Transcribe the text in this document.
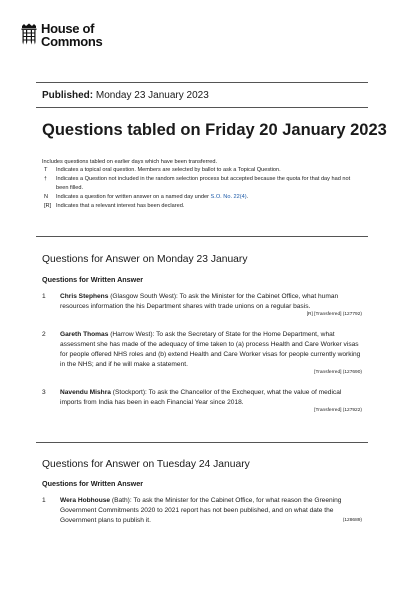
House of
Commons
Published: Monday 23 January 2023
Questions tabled on Friday 20 January 2023
Includes questions tabled on earlier days which have been transferred.
T	Indicates a topical oral question. Members are selected by ballot to ask a Topical Question.
†	Indicates a Question not included in the random selection process but accepted because the quota for that day had not been filled.
N	Indicates a question for written answer on a named day under S.O. No. 22(4).
[R] Indicates that a relevant interest has been declared.
Questions for Answer on Monday 23 January
Questions for Written Answer
1 Chris Stephens (Glasgow South West): To ask the Minister for the Cabinet Office, what human resources information the his Department shares with trade unions on a regular basis.
[R] [Transferred] (127792)
2 Gareth Thomas (Harrow West): To ask the Secretary of State for the Home Department, what assessment she has made of the adequacy of time taken to (a) process Health and Care Worker visas for people offered NHS roles and (b) extend Health and Care Worker visas for people currently working in the NHS; and if he will make a statement.
[Transferred] (127690)
3 Navendu Mishra (Stockport): To ask the Chancellor of the Exchequer, what the value of medical imports from India has been in each Financial Year since 2018.
[Transferred] (127922)
Questions for Answer on Tuesday 24 January
Questions for Written Answer
1 Wera Hobhouse (Bath): To ask the Minister for the Cabinet Office, for what reason the Greening Government Commitments 2020 to 2021 report has not been published, and on what date the Government plans to publish it.	(128689)
